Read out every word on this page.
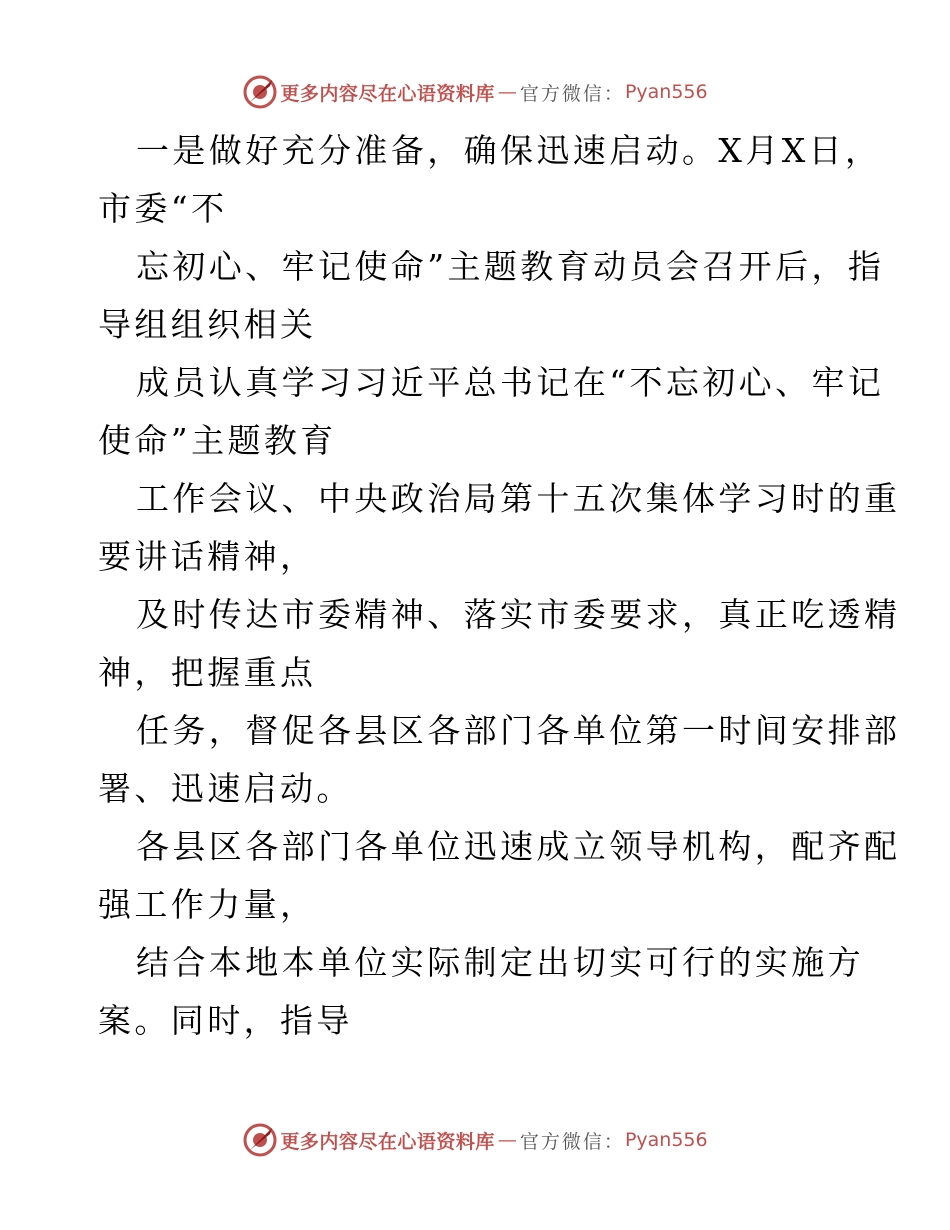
更多内容尽在心语资料库 — 官方微信： Pyan556
一是做好充分准备，确保迅速启动。X月X日，
市委“不
忘初心、牢记使命”主题教育动员会召开后，指
导组组织相关
成员认真学习习近平总书记在“不忘初心、牢记
使命”主题教育
工作会议、中央政治局第十五次集体学习时的重
要讲话精神，
及时传达市委精神、落实市委要求，真正吃透精
神，把握重点
任务，督促各县区各部门各单位第一时间安排部
署、迅速启动。
各县区各部门各单位迅速成立领导机构，配齐配
强工作力量，
结合本地本单位实际制定出切实可行的实施方
案。同时，指导
更多内容尽在心语资料库 — 官方微信： Pyan556
